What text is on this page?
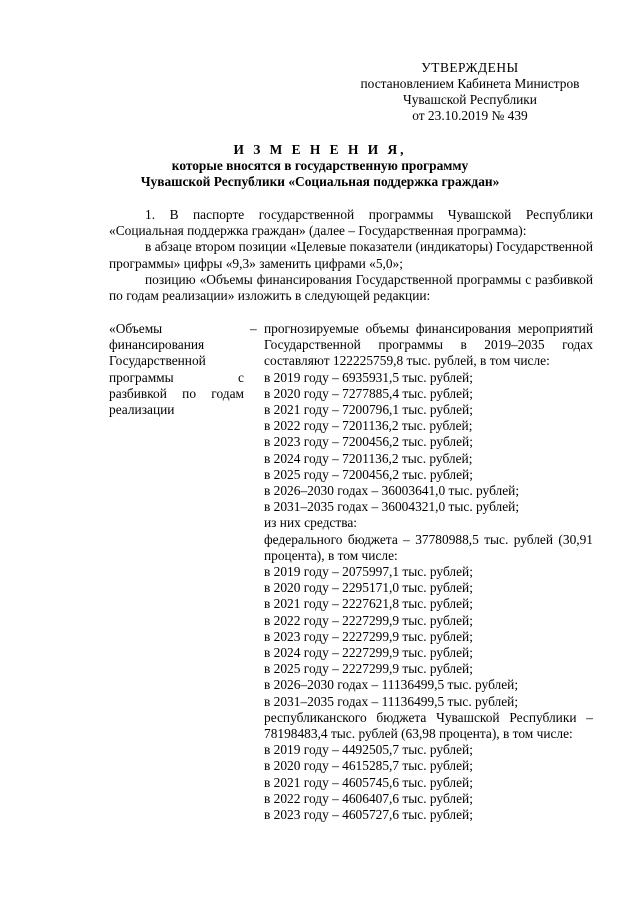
УТВЕРЖДЕНЫ
постановлением Кабинета Министров
Чувашской Республики
от 23.10.2019 № 439
И З М Е Н Е Н И Я,
которые вносятся в государственную программу
Чувашской Республики «Социальная поддержка граждан»

1. В паспорте государственной программы Чувашской Республики «Социальная поддержка граждан» (далее – Государственная программа):

в абзаце втором позиции «Целевые показатели (индикаторы) Государственной программы» цифры «9,3» заменить цифрами «5,0»;

позицию «Объемы финансирования Государственной программы с разбивкой по годам реализации» изложить в следующей редакции:

«Объемы финансирования Государственной программы с разбивкой по годам реализации
– прогнозируемые объемы финансирования мероприятий Государственной программы в 2019–2035 годах составляют 122225759,8 тыс. рублей, в том числе:
в 2019 году – 6935931,5 тыс. рублей;
в 2020 году – 7277885,4 тыс. рублей;
в 2021 году – 7200796,1 тыс. рублей;
в 2022 году – 7201136,2 тыс. рублей;
в 2023 году – 7200456,2 тыс. рублей;
в 2024 году – 7201136,2 тыс. рублей;
в 2025 году – 7200456,2 тыс. рублей;
в 2026–2030 годах – 36003641,0 тыс. рублей;
в 2031–2035 годах – 36004321,0 тыс. рублей;
из них средства:
федерального бюджета – 37780988,5 тыс. рублей (30,91 процента), в том числе:
в 2019 году – 2075997,1 тыс. рублей;
в 2020 году – 2295171,0 тыс. рублей;
в 2021 году – 2227621,8 тыс. рублей;
в 2022 году – 2227299,9 тыс. рублей;
в 2023 году – 2227299,9 тыс. рублей;
в 2024 году – 2227299,9 тыс. рублей;
в 2025 году – 2227299,9 тыс. рублей;
в 2026–2030 годах – 11136499,5 тыс. рублей;
в 2031–2035 годах – 11136499,5 тыс. рублей;
республиканского бюджета Чувашской Республики – 78198483,4 тыс. рублей (63,98 процента), в том числе:
в 2019 году – 4492505,7 тыс. рублей;
в 2020 году – 4615285,7 тыс. рублей;
в 2021 году – 4605745,6 тыс. рублей;
в 2022 году – 4606407,6 тыс. рублей;
в 2023 году – 4605727,6 тыс. рублей;
